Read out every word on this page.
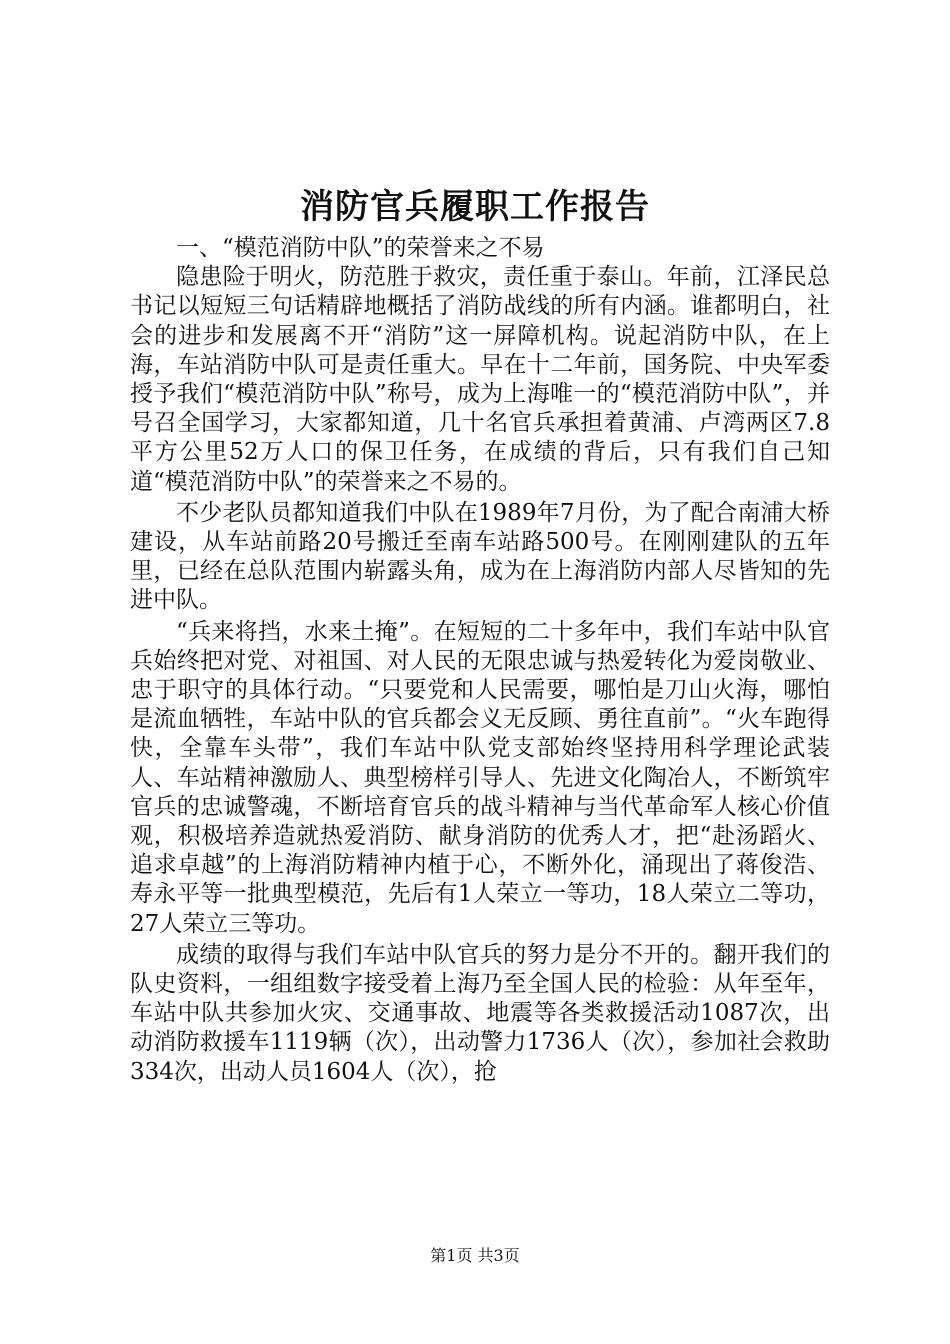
消防官兵履职工作报告

一、“模范消防中队”的荣誉来之不易

隐患险于明火，防范胜于救灾，责任重于泰山。年前，江泽民总书记以短短三句话精辟地概括了消防战线的所有内涵。谁都明白，社会的进步和发展离不开“消防”这一屏障机构。说起消防中队，在上海，车站消防中队可是责任重大。早在十二年前，国务院、中央军委授予我们“模范消防中队”称号，成为上海唯一的“模范消防中队”，并号召全国学习，大家都知道，几十名官兵承担着黄浦、卢湾两区7.8平方公里52万人口的保卫任务，在成绩的背后，只有我们自己知道“模范消防中队”的荣誉来之不易的。

不少老队员都知道我们中队在1989年7月份，为了配合南浦大桥建设，从车站前路20号搬迁至南车站路500号。在刚刚建队的五年里，已经在总队范围内崭露头角，成为在上海消防内部人尽皆知的先进中队。

“兵来将挡，水来土掩”。在短短的二十多年中，我们车站中队官兵始终把对党、对祖国、对人民的无限忠诚与热爱转化为爱岗敬业、忠于职守的具体行动。“只要党和人民需要，哪怕是刀山火海，哪怕是流血牺牲，车站中队的官兵都会义无反顾、勇往直前”。“火车跑得快，全靠车头带”，我们车站中队党支部始终坚持用科学理论武装人、车站精神激励人、典型榜样引导人、先进文化陶冶人，不断筑牢官兵的忠诚警魂，不断培育官兵的战斗精神与当代革命军人核心价值观，积极培养造就热爱消防、献身消防的优秀人才，把“赴汤蹈火、追求卓越”的上海消防精神内植于心，不断外化，涌现出了蒋俊浩、寿永平等一批典型模范，先后有1人荣立一等功，18人荣立二等功，27人荣立三等功。

成绩的取得与我们车站中队官兵的努力是分不开的。翻开我们的队史资料，一组组数字接受着上海乃至全国人民的检验：从年至年，车站中队共参加火灾、交通事故、地震等各类救援活动1087次，出动消防救援车1119辆（次），出动警力1736人（次），参加社会救助334次，出动人员1604人（次），抢

第1页 共3页
